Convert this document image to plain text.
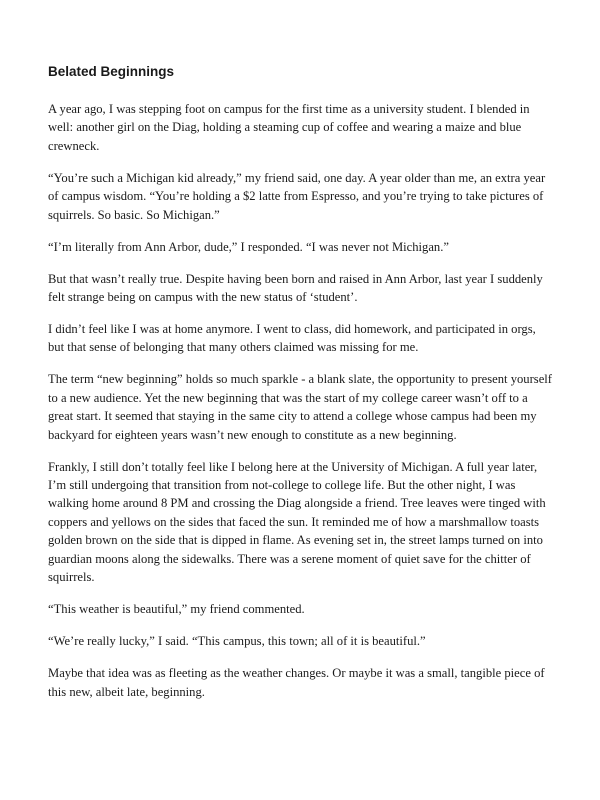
Belated Beginnings

A year ago, I was stepping foot on campus for the first time as a university student. I blended in well: another girl on the Diag, holding a steaming cup of coffee and wearing a maize and blue crewneck.

“You’re such a Michigan kid already,” my friend said, one day. A year older than me, an extra year of campus wisdom. “You’re holding a $2 latte from Espresso, and you’re trying to take pictures of squirrels. So basic. So Michigan.”

“I’m literally from Ann Arbor, dude,” I responded. “I was never not Michigan.”

But that wasn’t really true. Despite having been born and raised in Ann Arbor, last year I suddenly felt strange being on campus with the new status of ‘student’.

I didn’t feel like I was at home anymore. I went to class, did homework, and participated in orgs, but that sense of belonging that many others claimed was missing for me.

The term “new beginning” holds so much sparkle - a blank slate, the opportunity to present yourself to a new audience. Yet the new beginning that was the start of my college career wasn’t off to a great start. It seemed that staying in the same city to attend a college whose campus had been my backyard for eighteen years wasn’t new enough to constitute as a new beginning.

Frankly, I still don’t totally feel like I belong here at the University of Michigan. A full year later, I’m still undergoing that transition from not-college to college life. But the other night, I was walking home around 8 PM and crossing the Diag alongside a friend. Tree leaves were tinged with coppers and yellows on the sides that faced the sun. It reminded me of how a marshmallow toasts golden brown on the side that is dipped in flame. As evening set in, the street lamps turned on into guardian moons along the sidewalks. There was a serene moment of quiet save for the chitter of squirrels.

“This weather is beautiful,” my friend commented.

“We’re really lucky,” I said. “This campus, this town; all of it is beautiful.”

Maybe that idea was as fleeting as the weather changes. Or maybe it was a small, tangible piece of this new, albeit late, beginning.
